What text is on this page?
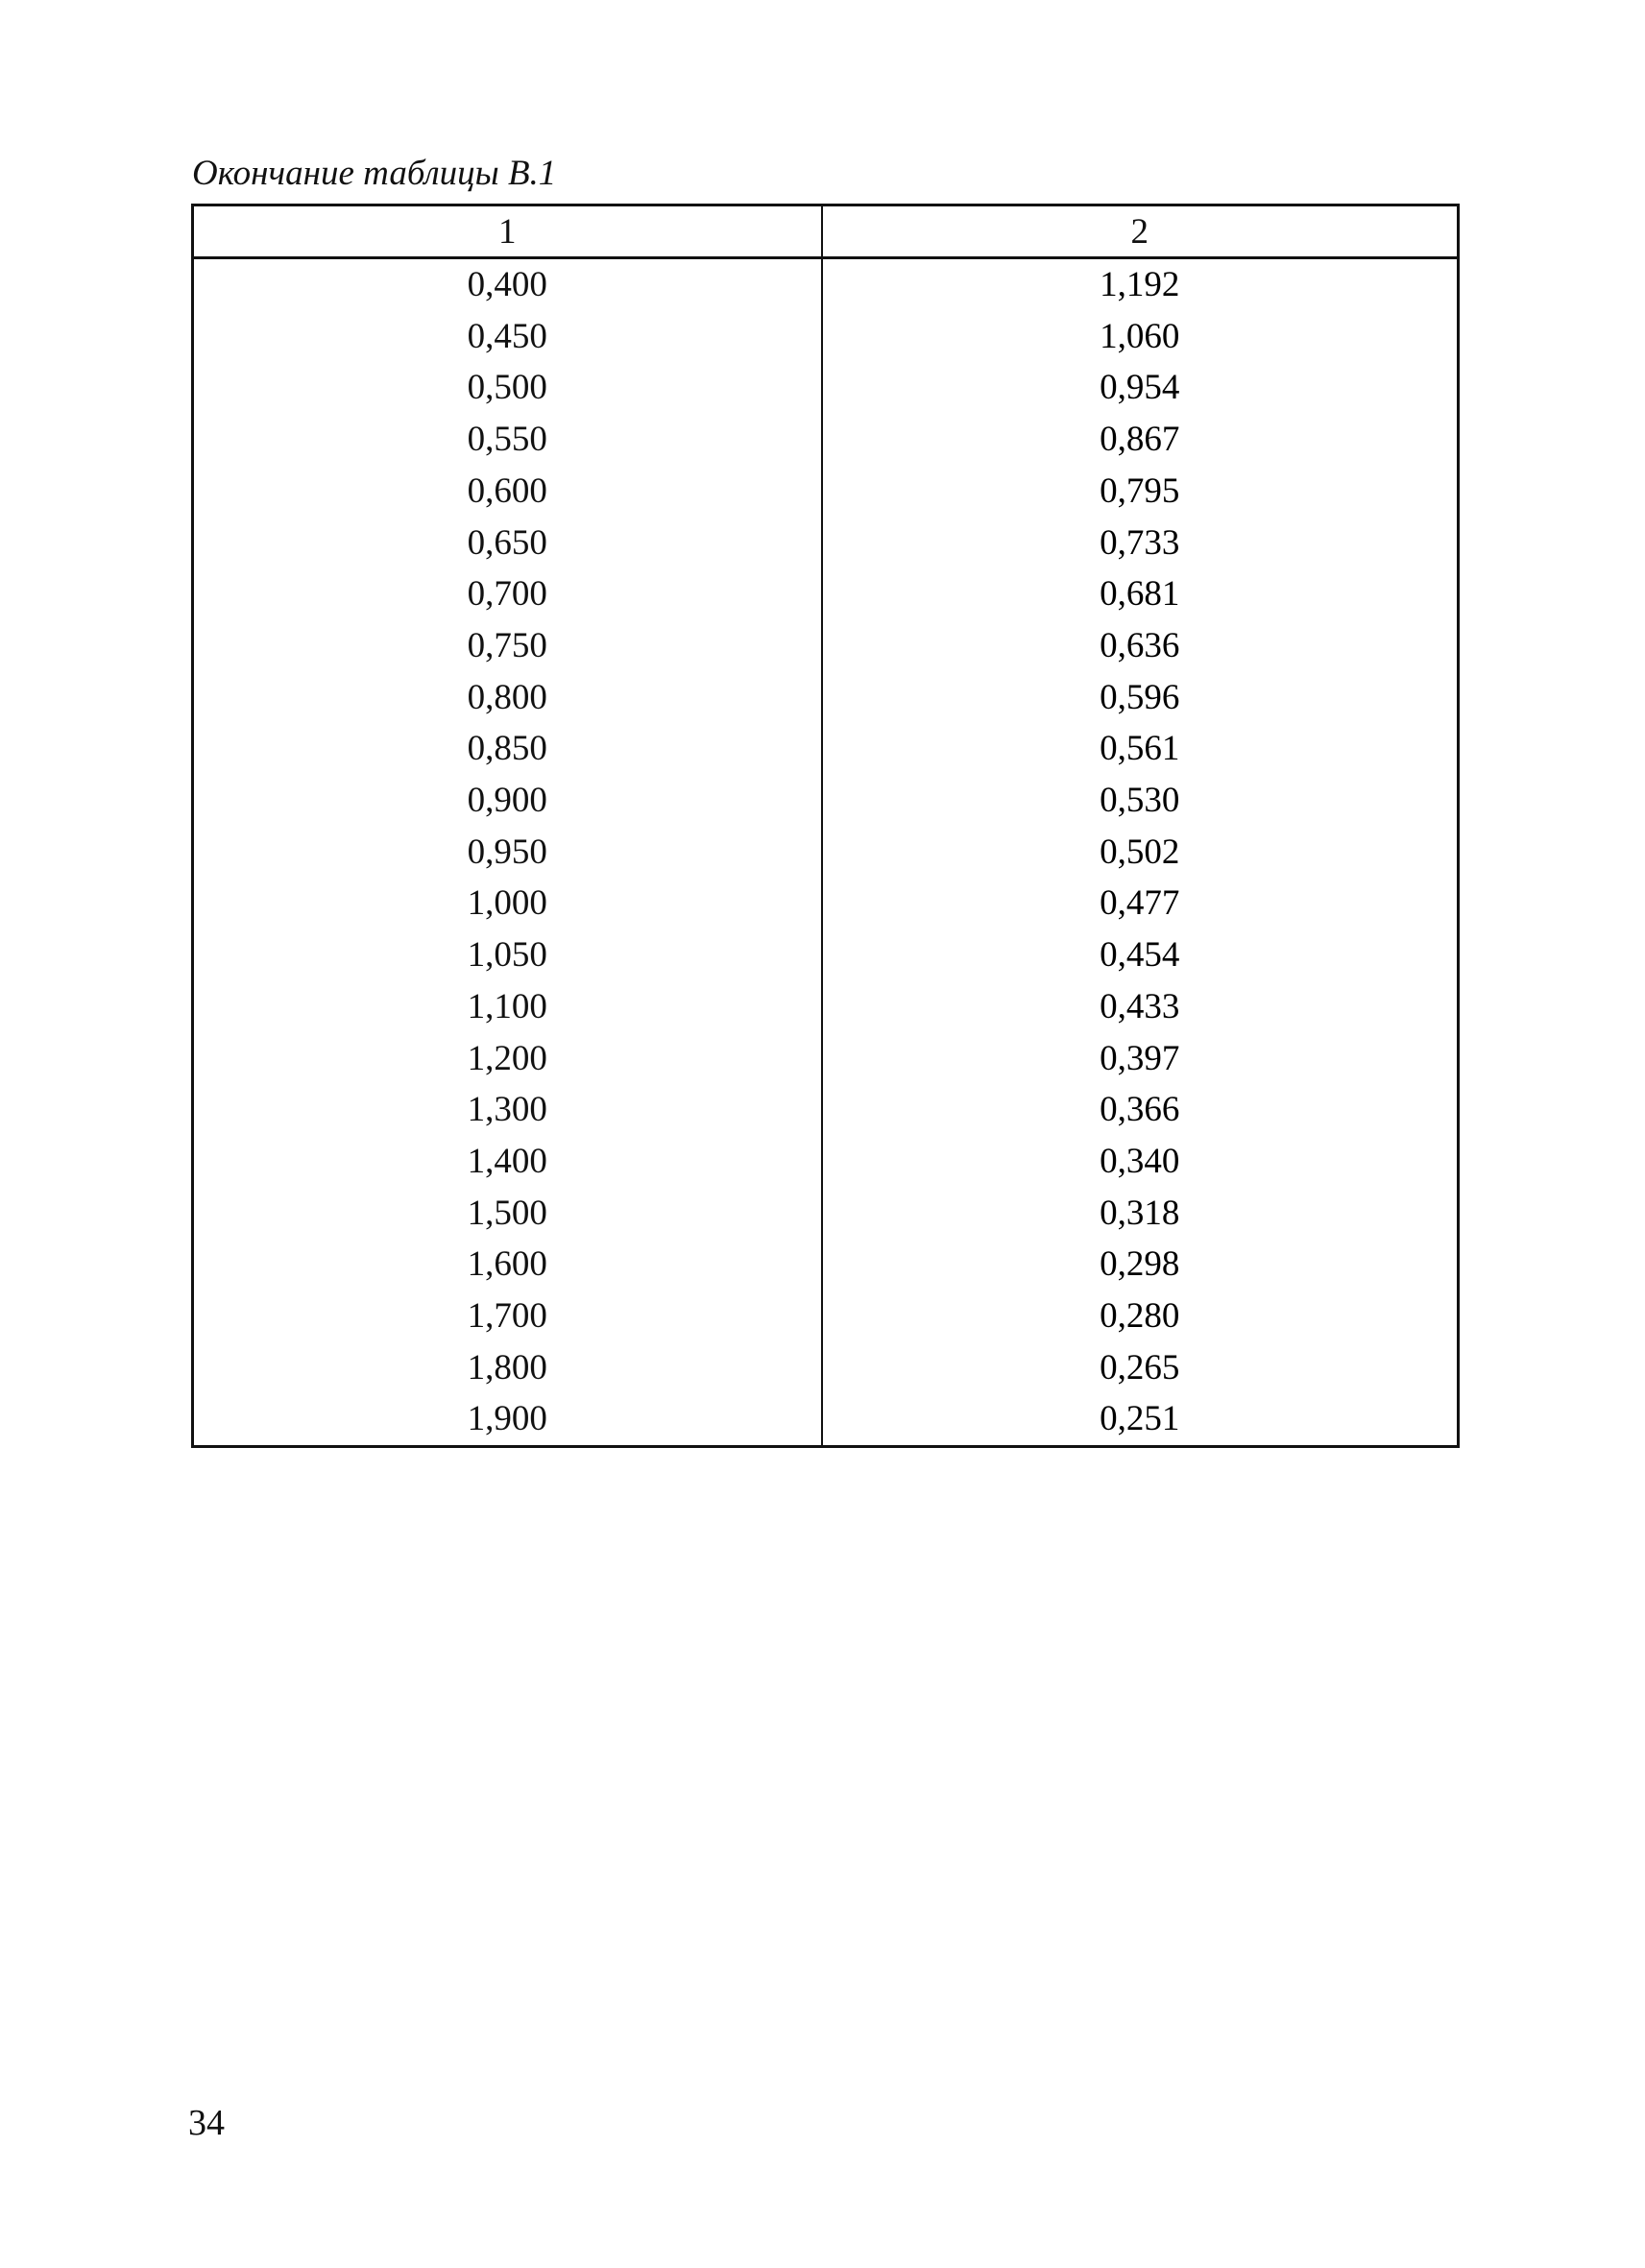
Окончание таблицы В.1
1	2
0,400	1,192
0,450	1,060
0,500	0,954
0,550	0,867
0,600	0,795
0,650	0,733
0,700	0,681
0,750	0,636
0,800	0,596
0,850	0,561
0,900	0,530
0,950	0,502
1,000	0,477
1,050	0,454
1,100	0,433
1,200	0,397
1,300	0,366
1,400	0,340
1,500	0,318
1,600	0,298
1,700	0,280
1,800	0,265
1,900	0,251
34
